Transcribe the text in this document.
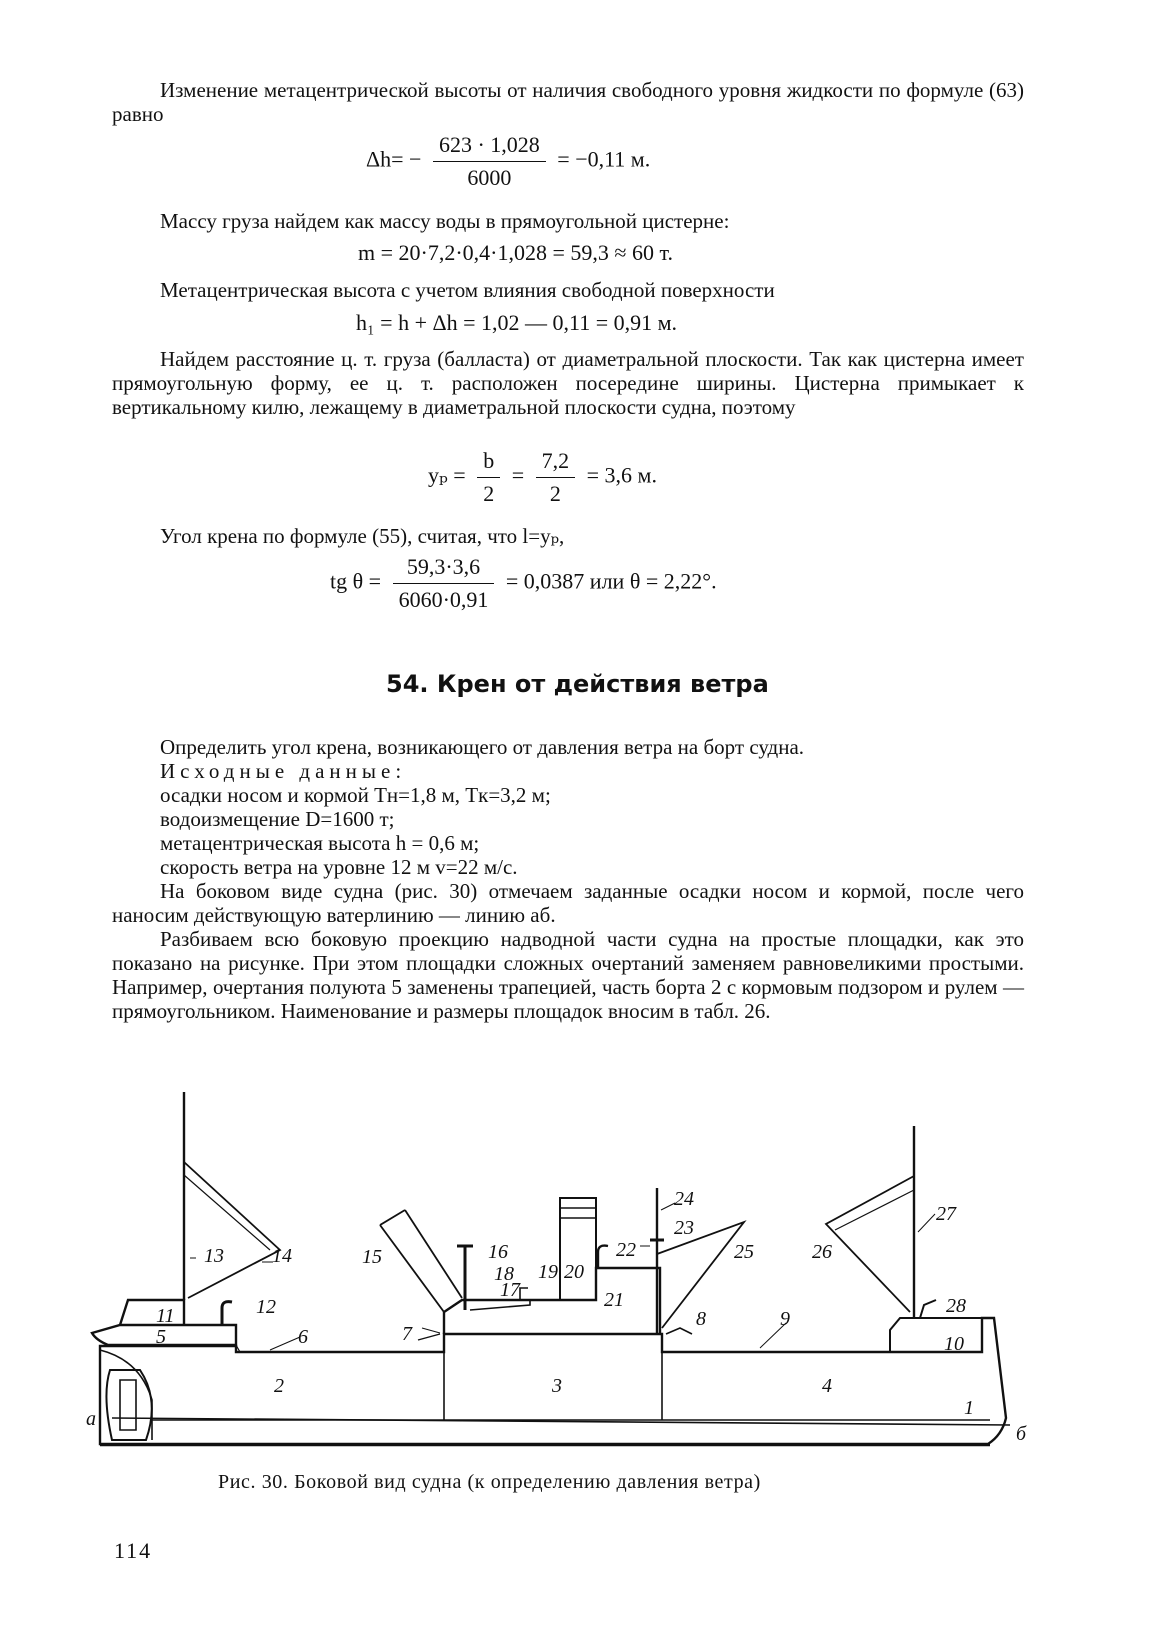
Изменение метацентрической высоты от наличия свободного уровня жидкости по формуле (63) равно
$\Delta h= - \frac{623 \cdot 1,028}{6000} = -0,11$ м.
Массу груза найдем как массу воды в прямоугольной цистерне:
m = 20·7,2·0,4·1,028 = 59,3 ≈ 60 т.
Метацентрическая высота с учетом влияния свободной поверхности
h₁ = h + Δh = 1,02 — 0,11 = 0,91 м.
Найдем расстояние ц. т. груза (балласта) от диаметральной плоскости. Так как цистерна имеет прямоугольную форму, ее ц. т. расположен посередине ширины. Цистерна примыкает к вертикальному килю, лежащему в диаметральной плоскости судна, поэтому
$y_p = \frac{b}{2} = \frac{7,2}{2} = 3,6$ м.
Угол крена по формуле (55), считая, что l=yₚ,
tg $\theta = \frac{59,3\cdot 3,6}{6060\cdot 0,91} = 0,0387$ или θ = 2,22°.
54. Крен от действия ветра
Определить угол крена, возникающего от давления ветра на борт судна.
Исходные данные:
осадки носом и кормой Tн=1,8 м, Tк=3,2 м;
водоизмещение D=1600 т;
метацентрическая высота h = 0,6 м;
скорость ветра на уровне 12 м v=22 м/с.
На боковом виде судна (рис. 30) отмечаем заданные осадки носом и кормой, после чего наносим действующую ватерлинию — линию аб.
Разбиваем всю боковую проекцию надводной части судна на простые площадки, как это показано на рисунке. При этом площадки сложных очертаний заменяем равновеликими простыми. Например, очертания полуюта 5 заменены трапецией, часть борта 2 с кормовым подзором и рулем — прямоугольником. Наименование и размеры площадок вносим в табл. 26.
1
2	3	4
5	6	7
8	9
10
11	12
13 14	15	16
17
18 19 20
21
22
23
24
25	26
27
28
а
б
Рис. 30. Боковой вид судна (к определению давления ветра)
114
